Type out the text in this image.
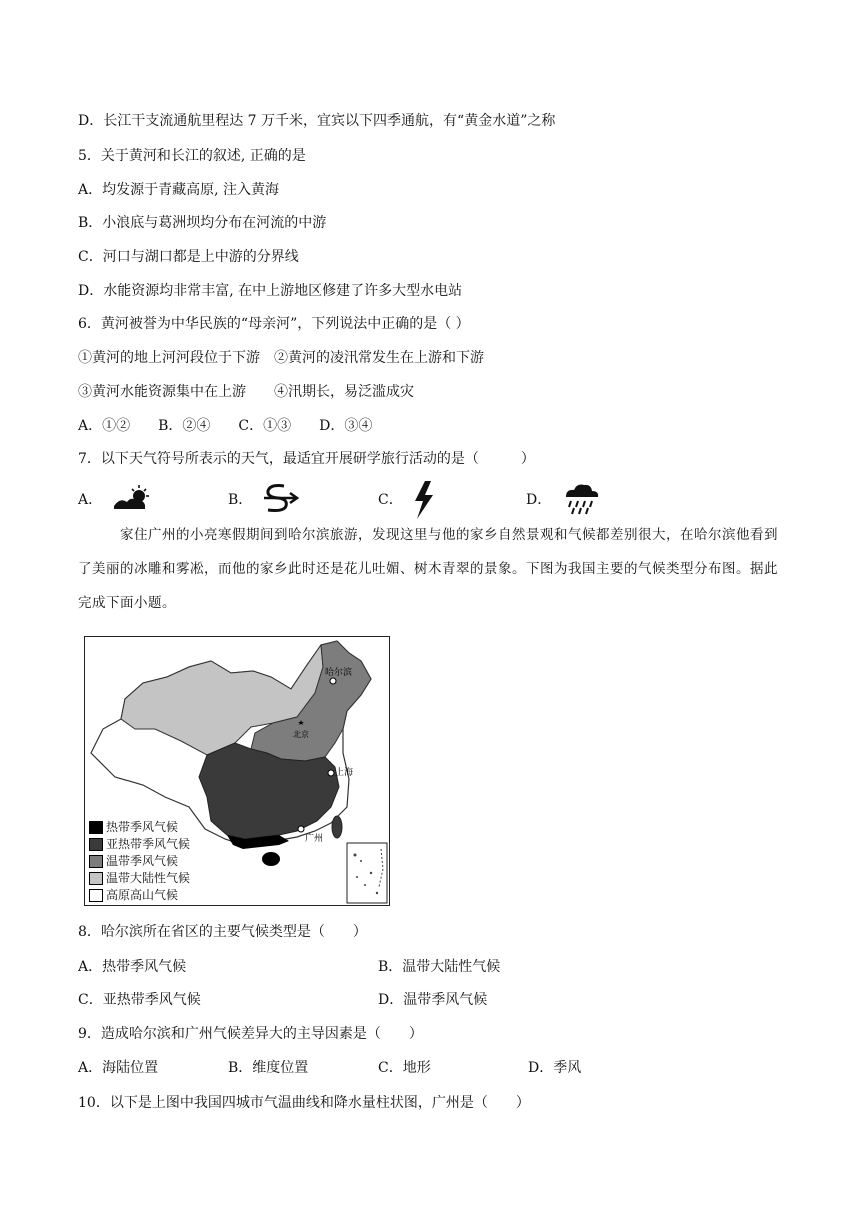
D．长江干支流通航里程达 7 万千米，宜宾以下四季通航，有“黄金水道”之称
5．关于黄河和长江的叙述, 正确的是
A．均发源于青藏高原, 注入黄海
B．小浪底与葛洲坝均分布在河流的中游
C．河口与湖口都是上中游的分界线
D．水能资源均非常丰富, 在中上游地区修建了许多大型水电站
6．黄河被誉为中华民族的“母亲河”，下列说法中正确的是（ ）
①黄河的地上河河段位于下游　②黄河的凌汛常发生在上游和下游
③黄河水能资源集中在上游　　④汛期长，易泛滥成灾
A．①②　　B．②④　　C．①③　　D．③④
7．以下天气符号所表示的天气，最适宜开展研学旅行活动的是（　　　）
A．	B．	C．	D．
家住广州的小亮寒假期间到哈尔滨旅游，发现这里与他的家乡自然景观和气候都差别很大，在哈尔滨他看到了美丽的冰雕和雾凇，而他的家乡此时还是花儿吐媚、树木青翠的景象。下图为我国主要的气候类型分布图。据此完成下面小题。
哈尔滨
北京
上海
广州
热带季风气候
亚热带季风气候
温带季风气候
温带大陆性气候
高原高山气候
8．哈尔滨所在省区的主要气候类型是（　　）
A．热带季风气候	B．温带大陆性气候
C．亚热带季风气候	D．温带季风气候
9．造成哈尔滨和广州气候差异大的主导因素是（　　）
A．海陆位置	B．维度位置	C．地形	D．季风
10．以下是上图中我国四城市气温曲线和降水量柱状图，广州是（　　）
